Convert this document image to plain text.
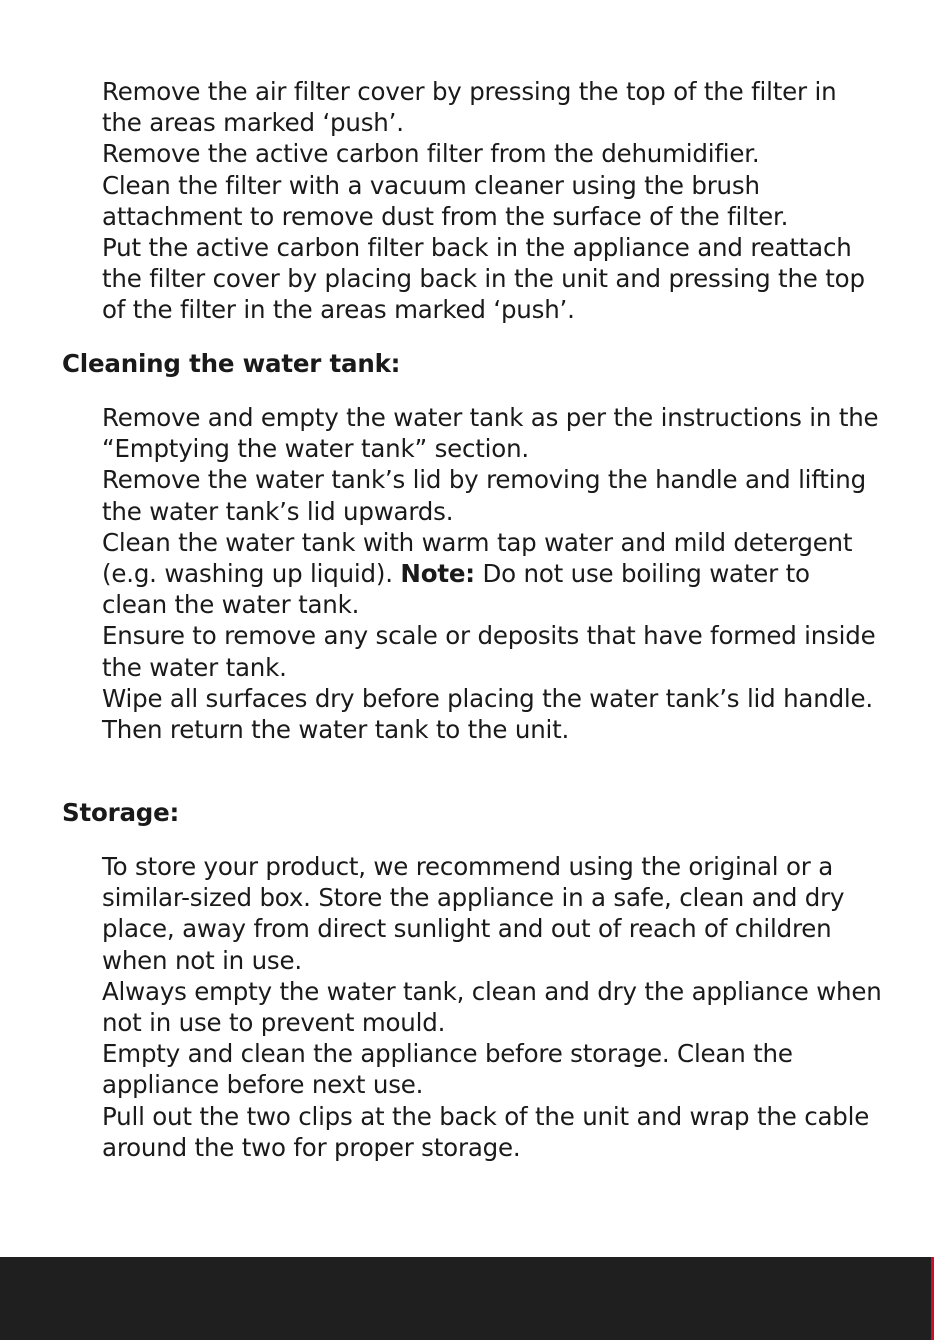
Remove the air filter cover by pressing the top of the filter in the areas marked ‘push’.

Remove the active carbon filter from the dehumidifier.

Clean the filter with a vacuum cleaner using the brush attachment to remove dust from the surface of the filter.

Put the active carbon filter back in the appliance and reattach the filter cover by placing back in the unit and pressing the top of the filter in the areas marked ‘push’.

Cleaning the water tank:

Remove and empty the water tank as per the instructions in the “Emptying the water tank” section.

Remove the water tank’s lid by removing the handle and lifting the water tank’s lid upwards.

Clean the water tank with warm tap water and mild detergent (e.g. washing up liquid). Note: Do not use boiling water to clean the water tank.

Ensure to remove any scale or deposits that have formed inside the water tank.

Wipe all surfaces dry before placing the water tank’s lid handle.

Then return the water tank to the unit.

Storage:

To store your product, we recommend using the original or a similar-sized box. Store the appliance in a safe, clean and dry place, away from direct sunlight and out of reach of children when not in use.

Always empty the water tank, clean and dry the appliance when not in use to prevent mould.

Empty and clean the appliance before storage. Clean the appliance before next use.

Pull out the two clips at the back of the unit and wrap the cable around the two for proper storage.
